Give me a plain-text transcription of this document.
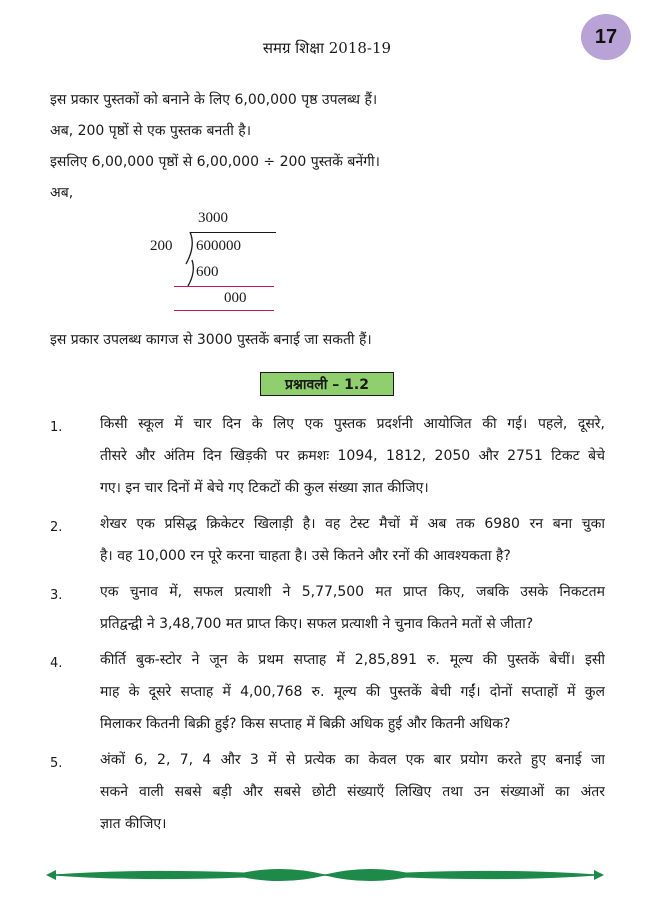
समग्र शिक्षा 2018-19
17
इस प्रकार पुस्तकों को बनाने के लिए 6,00,000 पृष्ठ उपलब्ध हैं।
अब, 200 पृष्ठों से एक पुस्तक बनती है।
इसलिए 6,00,000 पृष्ठों से 6,00,000 ÷ 200 पुस्तकें बनेंगी।
अब,
3000
200 600000
600
000
इस प्रकार उपलब्ध कागज से 3000 पुस्तकें बनाई जा सकती हैं।
प्रश्नावली – 1.2
1.	किसी स्कूल में चार दिन के लिए एक पुस्तक प्रदर्शनी आयोजित की गई। पहले, दूसरे,
तीसरे और अंतिम दिन खिड़की पर क्रमशः 1094, 1812, 2050 और 2751 टिकट बेचे
गए। इन चार दिनों में बेचे गए टिकटों की कुल संख्या ज्ञात कीजिए।
2.	शेखर एक प्रसिद्ध क्रिकेटर खिलाड़ी है। वह टेस्ट मैचों में अब तक 6980 रन बना चुका
है। वह 10,000 रन पूरे करना चाहता है। उसे कितने और रनों की आवश्यकता है?
3.	एक चुनाव में, सफल प्रत्याशी ने 5,77,500 मत प्राप्त किए, जबकि उसके निकटतम
प्रतिद्वन्द्वी ने 3,48,700 मत प्राप्त किए। सफल प्रत्याशी ने चुनाव कितने मतों से जीता?
4.	कीर्ति बुक-स्टोर ने जून के प्रथम सप्ताह में 2,85,891 रु. मूल्य की पुस्तकें बेचीं। इसी
माह के दूसरे सप्ताह में 4,00,768 रु. मूल्य की पुस्तकें बेची गईं। दोनों सप्ताहों में कुल
मिलाकर कितनी बिक्री हुई? किस सप्ताह में बिक्री अधिक हुई और कितनी अधिक?
5.	अंकों 6, 2, 7, 4 और 3 में से प्रत्येक का केवल एक बार प्रयोग करते हुए बनाई जा
सकने वाली सबसे बड़ी और सबसे छोटी संख्याएँ लिखिए तथा उन संख्याओं का अंतर
ज्ञात कीजिए।
